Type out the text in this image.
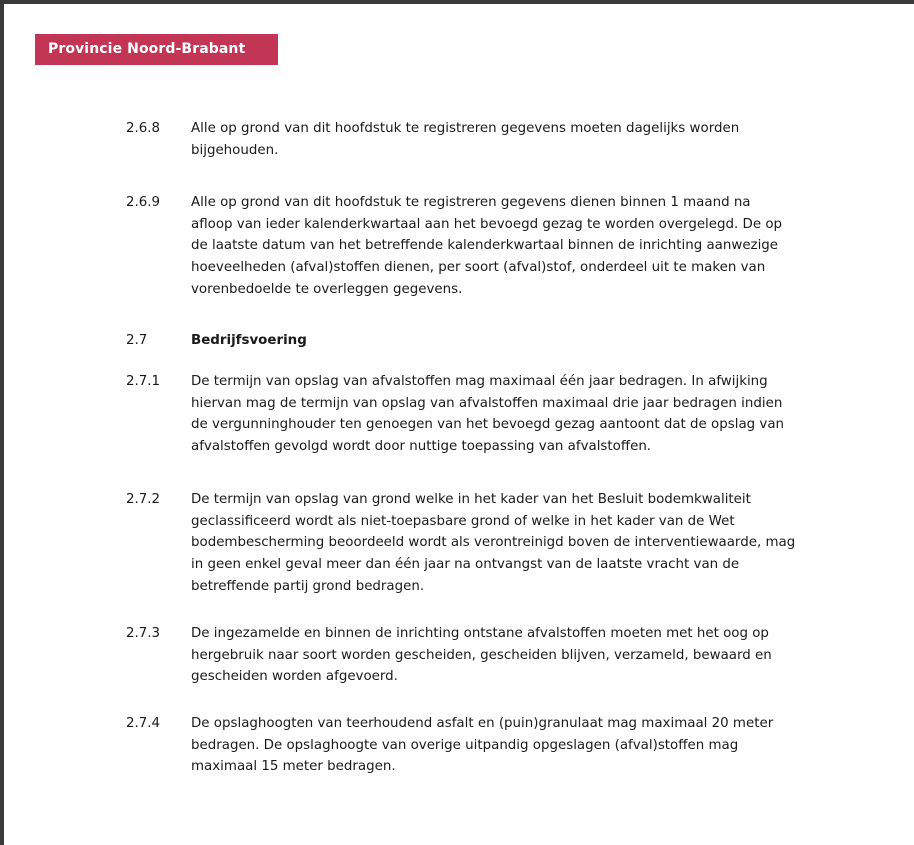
Provincie Noord-Brabant
2.6.8 Alle op grond van dit hoofdstuk te registreren gegevens moeten dagelijks worden
bijgehouden.
2.6.9 Alle op grond van dit hoofdstuk te registreren gegevens dienen binnen 1 maand na
afloop van ieder kalenderkwartaal aan het bevoegd gezag te worden overgelegd. De op
de laatste datum van het betreffende kalenderkwartaal binnen de inrichting aanwezige
hoeveelheden (afval)stoffen dienen, per soort (afval)stof, onderdeel uit te maken van
vorenbedoelde te overleggen gegevens.
2.7	Bedrijfsvoering
2.7.1 De termijn van opslag van afvalstoffen mag maximaal één jaar bedragen. In afwijking
hiervan mag de termijn van opslag van afvalstoffen maximaal drie jaar bedragen indien
de vergunninghouder ten genoegen van het bevoegd gezag aantoont dat de opslag van
afvalstoffen gevolgd wordt door nuttige toepassing van afvalstoffen.
2.7.2 De termijn van opslag van grond welke in het kader van het Besluit bodemkwaliteit
geclassificeerd wordt als niet-toepasbare grond of welke in het kader van de Wet
bodembescherming beoordeeld wordt als verontreinigd boven de interventiewaarde, mag
in geen enkel geval meer dan één jaar na ontvangst van de laatste vracht van de
betreffende partij grond bedragen.
2.7.3 De ingezamelde en binnen de inrichting ontstane afvalstoffen moeten met het oog op
hergebruik naar soort worden gescheiden, gescheiden blijven, verzameld, bewaard en
gescheiden worden afgevoerd.
2.7.4 De opslaghoogten van teerhoudend asfalt en (puin)granulaat mag maximaal 20 meter
bedragen. De opslaghoogte van overige uitpandig opgeslagen (afval)stoffen mag
maximaal 15 meter bedragen.
